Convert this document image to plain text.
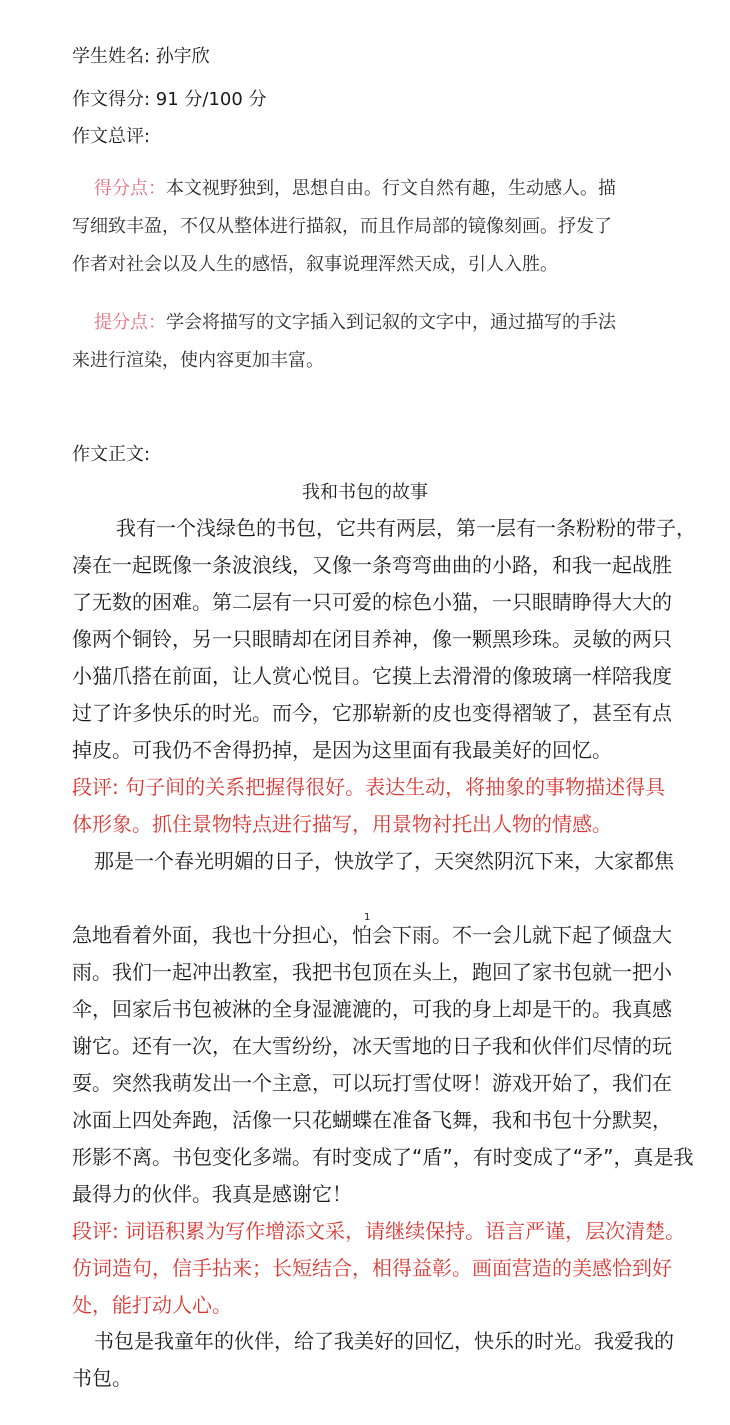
学生姓名: 孙宇欣
作文得分: 91 分/100 分
作文总评:
得分点：本文视野独到，思想自由。行文自然有趣，生动感人。描
写细致丰盈，不仅从整体进行描叙，而且作局部的镜像刻画。抒发了
作者对社会以及人生的感悟，叙事说理浑然天成，引人入胜。
提分点：学会将描写的文字插入到记叙的文字中，通过描写的手法
来进行渲染，使内容更加丰富。
作文正文:
我和书包的故事
我有一个浅绿色的书包，它共有两层，第一层有一条粉粉的带子，
凑在一起既像一条波浪线，又像一条弯弯曲曲的小路，和我一起战胜
了无数的困难。第二层有一只可爱的棕色小猫，一只眼睛睁得大大的
像两个铜铃，另一只眼睛却在闭目养神，像一颗黑珍珠。灵敏的两只
小猫爪搭在前面，让人赏心悦目。它摸上去滑滑的像玻璃一样陪我度
过了许多快乐的时光。而今，它那崭新的皮也变得褶皱了，甚至有点
掉皮。可我仍不舍得扔掉，是因为这里面有我最美好的回忆。
段评: 句子间的关系把握得很好。表达生动，将抽象的事物描述得具
体形象。抓住景物特点进行描写，用景物衬托出人物的情感。
那是一个春光明媚的日子，快放学了，天突然阴沉下来，大家都焦
1
急地看着外面，我也十分担心，怕会下雨。不一会儿就下起了倾盘大
雨。我们一起冲出教室，我把书包顶在头上，跑回了家书包就一把小
伞，回家后书包被淋的全身湿漉漉的，可我的身上却是干的。我真感
谢它。还有一次，在大雪纷纷，冰天雪地的日子我和伙伴们尽情的玩
耍。突然我萌发出一个主意，可以玩打雪仗呀！游戏开始了，我们在
冰面上四处奔跑，活像一只花蝴蝶在准备飞舞，我和书包十分默契，
形影不离。书包变化多端。有时变成了“盾”，有时变成了“矛”，真是我
最得力的伙伴。我真是感谢它！
段评: 词语积累为写作增添文采，请继续保持。语言严谨，层次清楚。
仿词造句，信手拈来；长短结合，相得益彰。画面营造的美感恰到好
处，能打动人心。
书包是我童年的伙伴，给了我美好的回忆，快乐的时光。我爱我的
书包。
